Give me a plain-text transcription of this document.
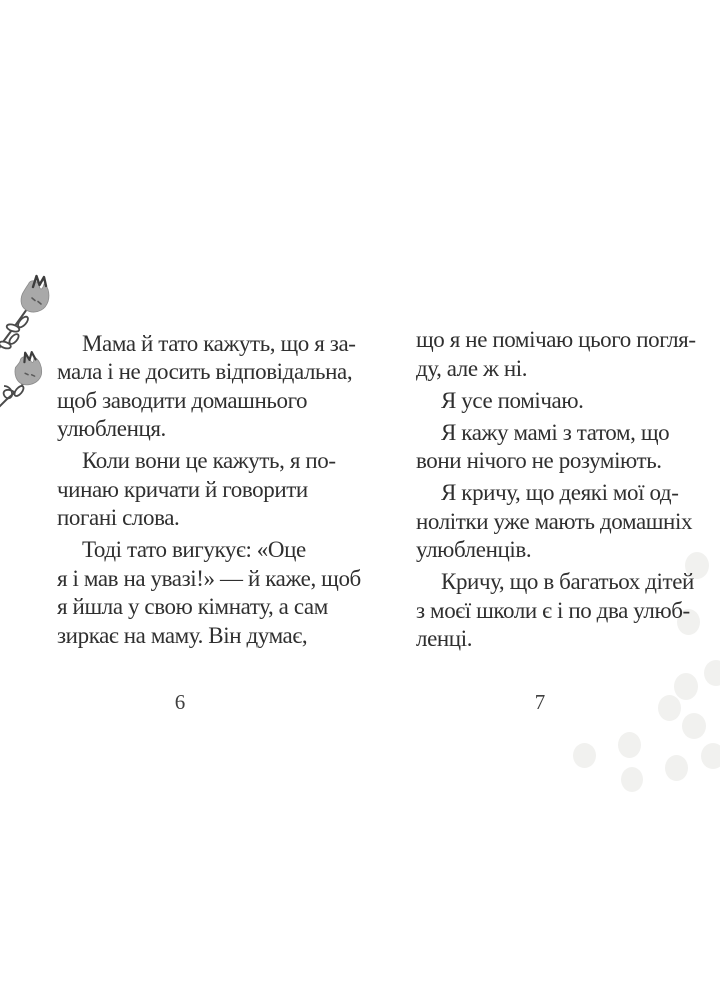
Мама й тато кажуть, що я за-
мала і не досить відповідальна,
щоб заводити домашнього
улюбленця.
Коли вони це кажуть, я по-
чинаю кричати й говорити
погані слова.
Тоді тато вигукує: «Оце
я і мав на увазі!» — й каже, щоб
я йшла у свою кімнату, а сам
зиркає на маму. Він думає,
6
що я не помічаю цього погля-
ду, але ж ні.
Я усе помічаю.
Я кажу мамі з татом, що
вони нічого не розуміють.
Я кричу, що деякі мої од-
нолітки уже мають домашніх
улюбленців.
Кричу, що в багатьох дітей
з моєї школи є і по два улюб-
ленці.
7
